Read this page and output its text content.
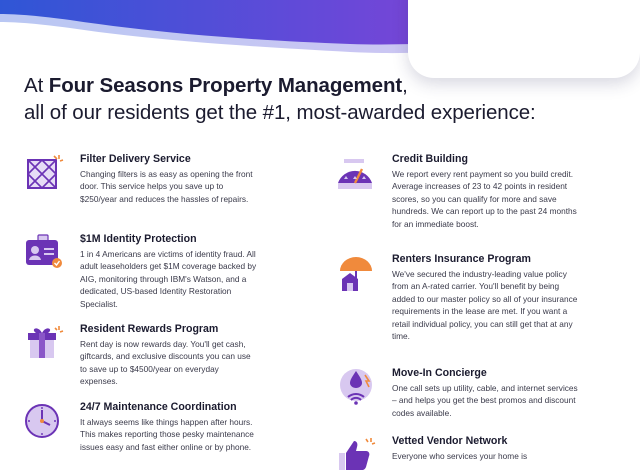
At Four Seasons Property Management,
all of our residents get the #1, most-awarded experience:
Filter Delivery Service
Changing filters is as easy as opening the front door. This service helps you save up to $250/year and reduces the hassles of repairs.
$1M Identity Protection
1 in 4 Americans are victims of identity fraud. All adult leaseholders get $1M coverage backed by AIG, monitoring through IBM's Watson, and a dedicated, US-based Identity Restoration Specialist.
Resident Rewards Program
Rent day is now rewards day. You'll get cash, giftcards, and exclusive discounts you can use to save up to $4500/year on everyday expenses.
24/7 Maintenance Coordination
It always seems like things happen after hours. This makes reporting those pesky maintenance issues easy and fast either online or by phone.
Credit Building
We report every rent payment so you build credit. Average increases of 23 to 42 points in resident scores, so you can qualify for more and save hundreds. We can report up to the past 24 months for an immediate boost.
Renters Insurance Program
We've secured the industry-leading value policy from an A-rated carrier. You'll benefit by being added to our master policy so all of your insurance requirements in the lease are met. If you want a retail individual policy, you can still get that at any time.
Move-In Concierge
One call sets up utility, cable, and internet services – and helps you get the best promos and discount codes available.
Vetted Vendor Network
Everyone who services your home is
